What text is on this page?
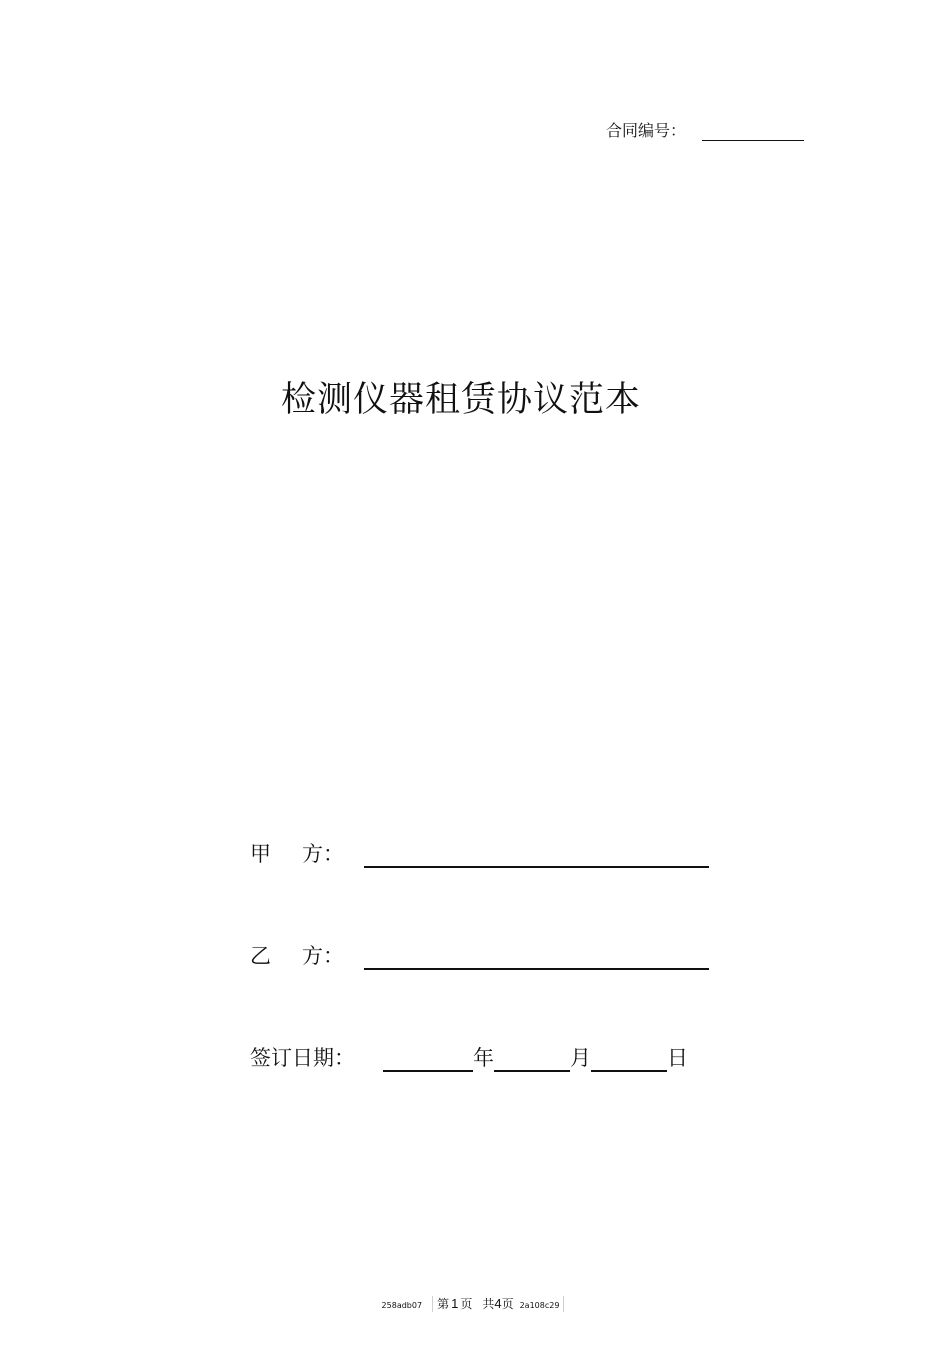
合同编号：
检测仪器租赁协议范本
甲	方：
乙	方：
签订日期：	年	月	日
258adb07 第 1 页 共 4 页 2a108c29
